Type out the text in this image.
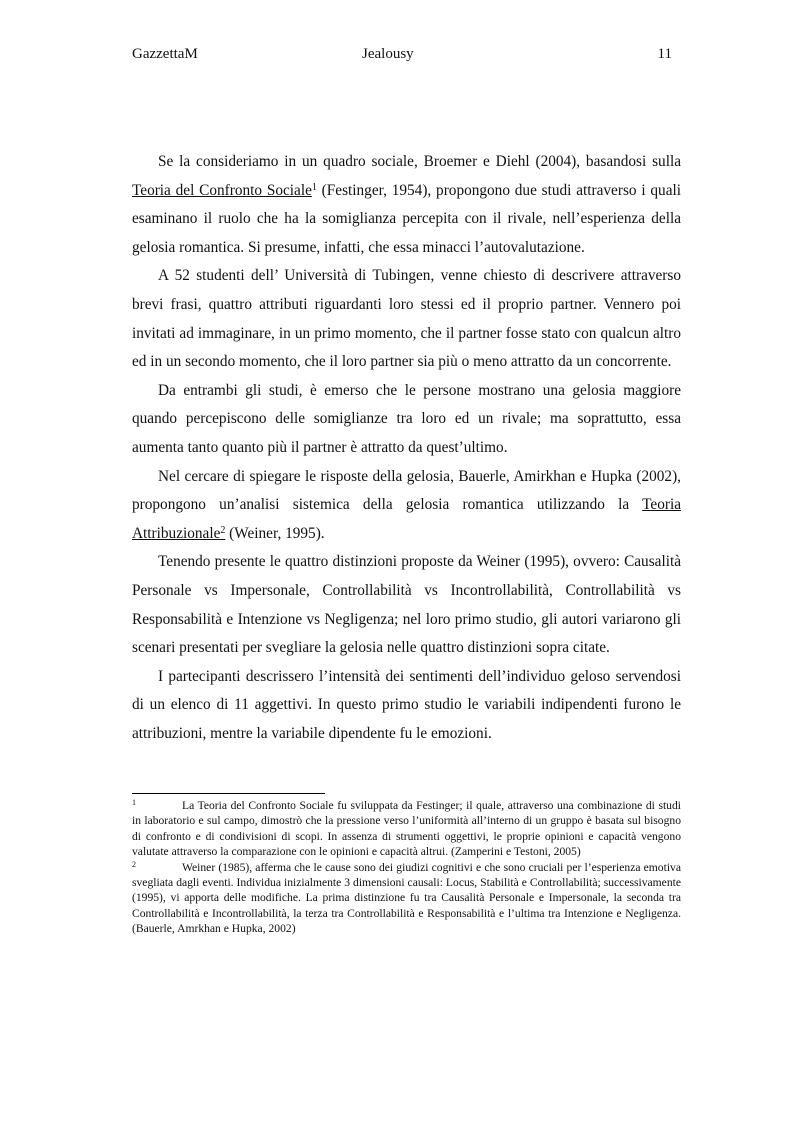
GazzettaM	Jealousy	11

Se la consideriamo in un quadro sociale, Broemer e Diehl (2004), basandosi sulla Teoria del Confronto Sociale$^1$ (Festinger, 1954), propongono due studi attraverso i quali esaminano il ruolo che ha la somiglianza percepita con il rivale, nell’esperienza della gelosia romantica. Si presume, infatti, che essa minacci l’autovalutazione.

A 52 studenti dell’ Università di Tubingen, venne chiesto di descrivere attraverso brevi frasi, quattro attributi riguardanti loro stessi ed il proprio partner. Vennero poi invitati ad immaginare, in un primo momento, che il partner fosse stato con qualcun altro ed in un secondo momento, che il loro partner sia più o meno attratto da un concorrente.

Da entrambi gli studi, è emerso che le persone mostrano una gelosia maggiore quando percepiscono delle somiglianze tra loro ed un rivale; ma soprattutto, essa aumenta tanto quanto più il partner è attratto da quest’ultimo.

Nel cercare di spiegare le risposte della gelosia, Bauerle, Amirkhan e Hupka (2002), propongono un’analisi sistemica della gelosia romantica utilizzando la Teoria Attribuzionale$^2$ (Weiner, 1995).

Tenendo presente le quattro distinzioni proposte da Weiner (1995), ovvero: Causalità Personale vs Impersonale, Controllabilità vs Incontrollabilità, Controllabilità vs Responsabilità e Intenzione vs Negligenza; nel loro primo studio, gli autori variarono gli scenari presentati per svegliare la gelosia nelle quattro distinzioni sopra citate.

I partecipanti descrissero l’intensità dei sentimenti dell’individuo geloso servendosi di un elenco di 11 aggettivi. In questo primo studio le variabili indipendenti furono le attribuzioni, mentre la variabile dipendente fu le emozioni.

1	La Teoria del Confronto Sociale fu sviluppata da Festinger; il quale, attraverso una combinazione di studi in laboratorio e sul campo, dimostrò che la pressione verso l’uniformità all’interno di un gruppo è basata sul bisogno di confronto e di condivisioni di scopi. In assenza di strumenti oggettivi, le proprie opinioni e capacità vengono valutate attraverso la comparazione con le opinioni e capacità altrui. (Zamperini e Testoni, 2005)

2	Weiner (1985), afferma che le cause sono dei giudizi cognitivi e che sono cruciali per l’esperienza emotiva svegliata dagli eventi. Individua inizialmente 3 dimensioni causali: Locus, Stabilità e Controllabilità; successivamente (1995), vi apporta delle modifiche. La prima distinzione fu tra Causalità Personale e Impersonale, la seconda tra Controllabilità e Incontrollabilità, la terza tra Controllabilità e Responsabilità e l’ultima tra Intenzione e Negligenza. (Bauerle, Amrkhan e Hupka, 2002)
